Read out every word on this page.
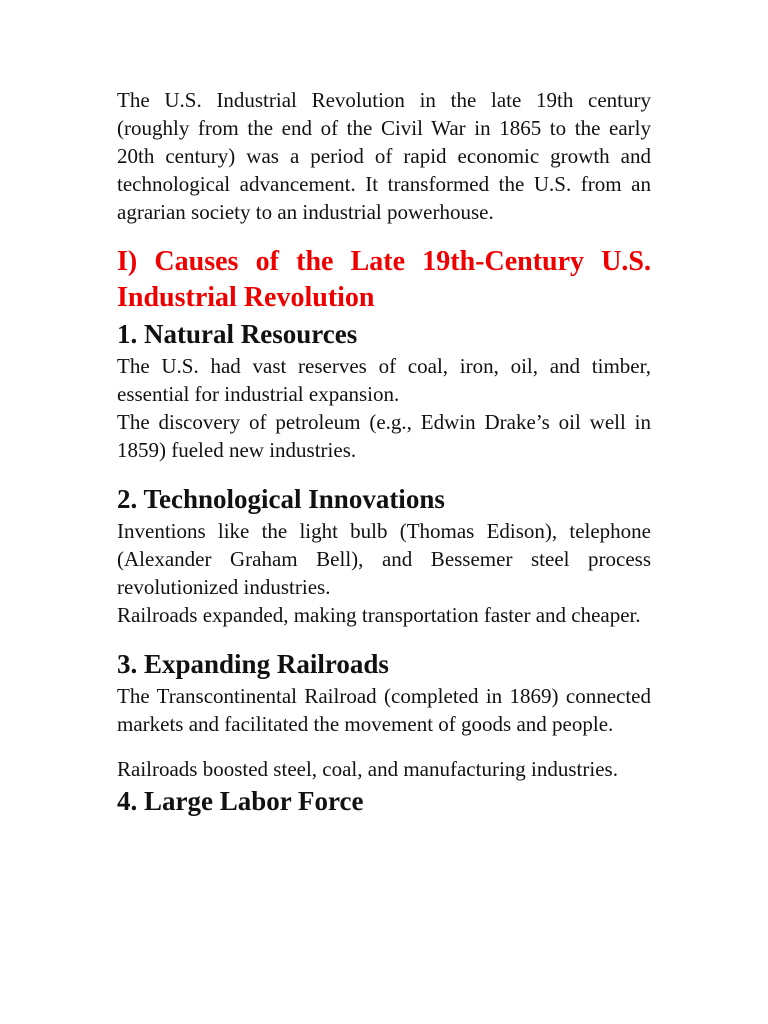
The U.S. Industrial Revolution in the late 19th century (roughly from the end of the Civil War in 1865 to the early 20th century) was a period of rapid economic growth and technological advancement. It transformed the U.S. from an agrarian society to an industrial powerhouse.

I) Causes of the Late 19th-Century U.S. Industrial Revolution
1. Natural Resources

The U.S. had vast reserves of coal, iron, oil, and timber, essential for industrial expansion.

The discovery of petroleum (e.g., Edwin Drake’s oil well in 1859) fueled new industries.

2. Technological Innovations

Inventions like the light bulb (Thomas Edison), telephone (Alexander Graham Bell), and Bessemer steel process revolutionized industries.

Railroads expanded, making transportation faster and cheaper.

3. Expanding Railroads

The Transcontinental Railroad (completed in 1869) connected markets and facilitated the movement of goods and people.

Railroads boosted steel, coal, and manufacturing industries.

4. Large Labor Force
